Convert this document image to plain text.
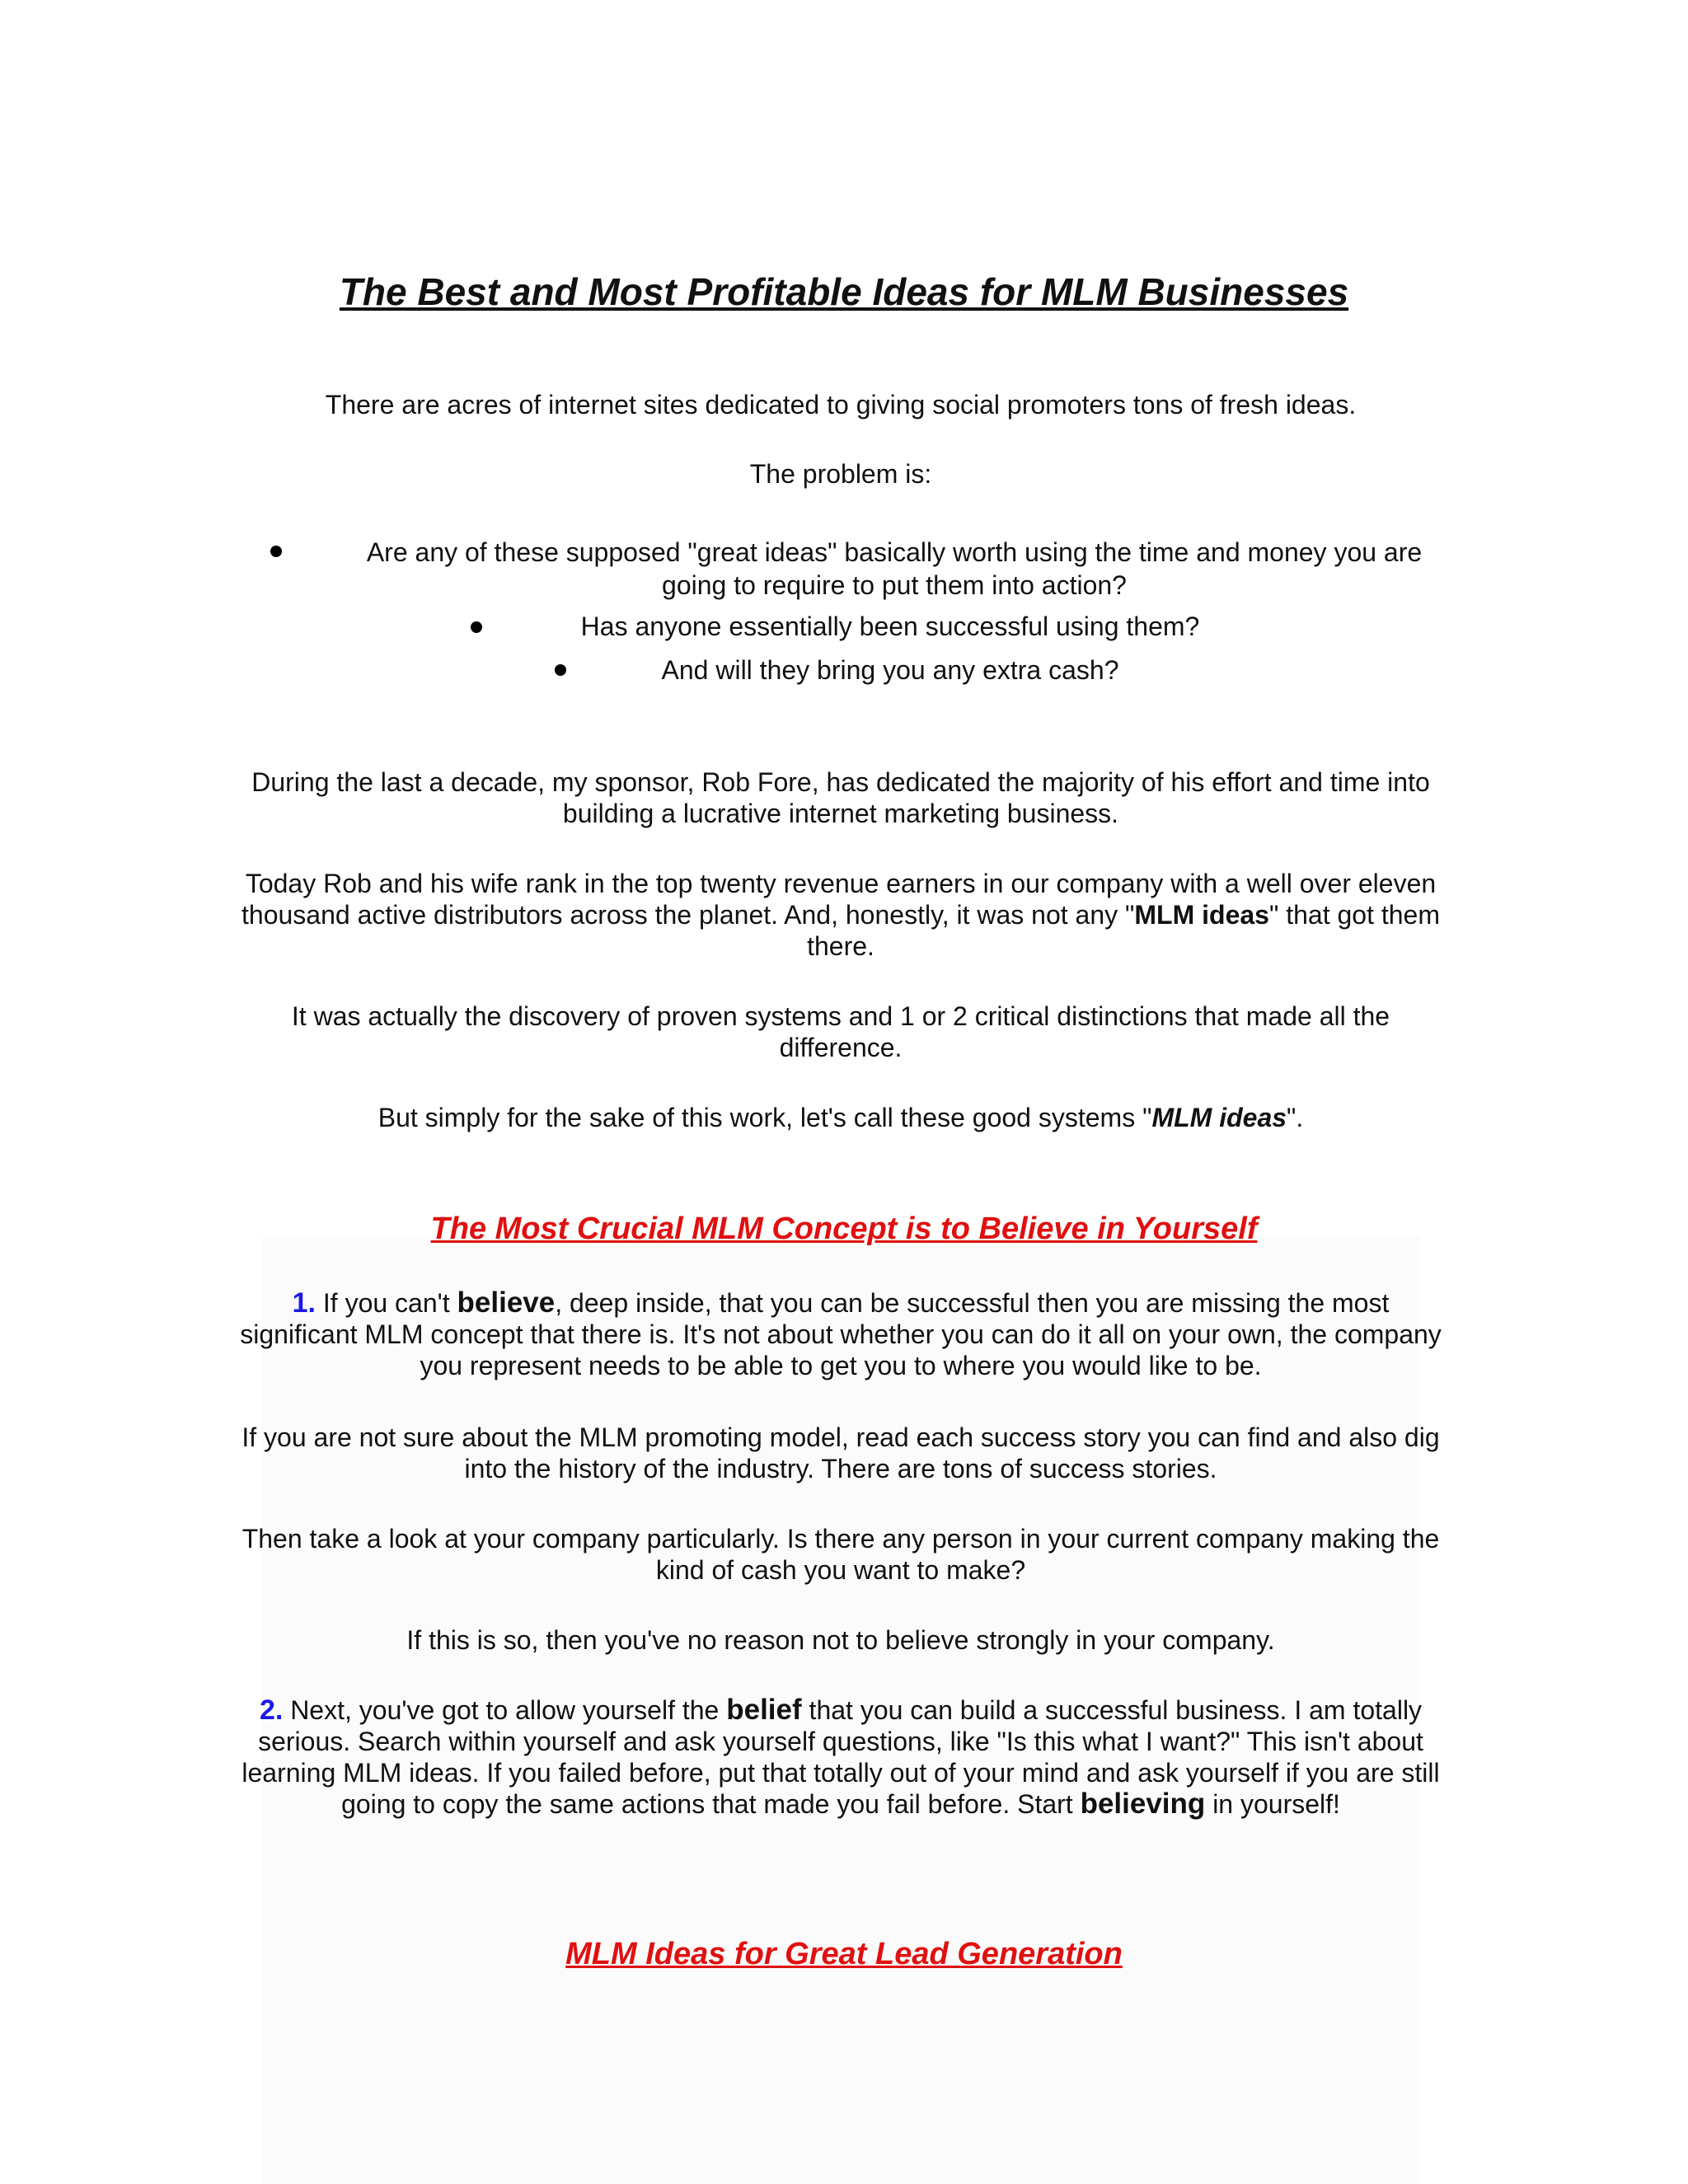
The Best and Most Profitable Ideas for MLM Businesses

There are acres of internet sites dedicated to giving social promoters tons of fresh ideas.

The problem is:

Are any of these supposed "great ideas" basically worth using the time and money you are going to require to put them into action?

Has anyone essentially been successful using them?

And will they bring you any extra cash?

During the last a decade, my sponsor, Rob Fore, has dedicated the majority of his effort and time into building a lucrative internet marketing business.

Today Rob and his wife rank in the top twenty revenue earners in our company with a well over eleven thousand active distributors across the planet. And, honestly, it was not any "MLM ideas" that got them there.

It was actually the discovery of proven systems and 1 or 2 critical distinctions that made all the difference.

But simply for the sake of this work, let's call these good systems "MLM ideas".

The Most Crucial MLM Concept is to Believe in Yourself

1. If you can't believe, deep inside, that you can be successful then you are missing the most significant MLM concept that there is. It's not about whether you can do it all on your own, the company you represent needs to be able to get you to where you would like to be.

If you are not sure about the MLM promoting model, read each success story you can find and also dig into the history of the industry. There are tons of success stories.

Then take a look at your company particularly. Is there any person in your current company making the kind of cash you want to make?

If this is so, then you've no reason not to believe strongly in your company.

2. Next, you've got to allow yourself the belief that you can build a successful business. I am totally serious. Search within yourself and ask yourself questions, like "Is this what I want?" This isn't about learning MLM ideas. If you failed before, put that totally out of your mind and ask yourself if you are still going to copy the same actions that made you fail before. Start believing in yourself!

MLM Ideas for Great Lead Generation
